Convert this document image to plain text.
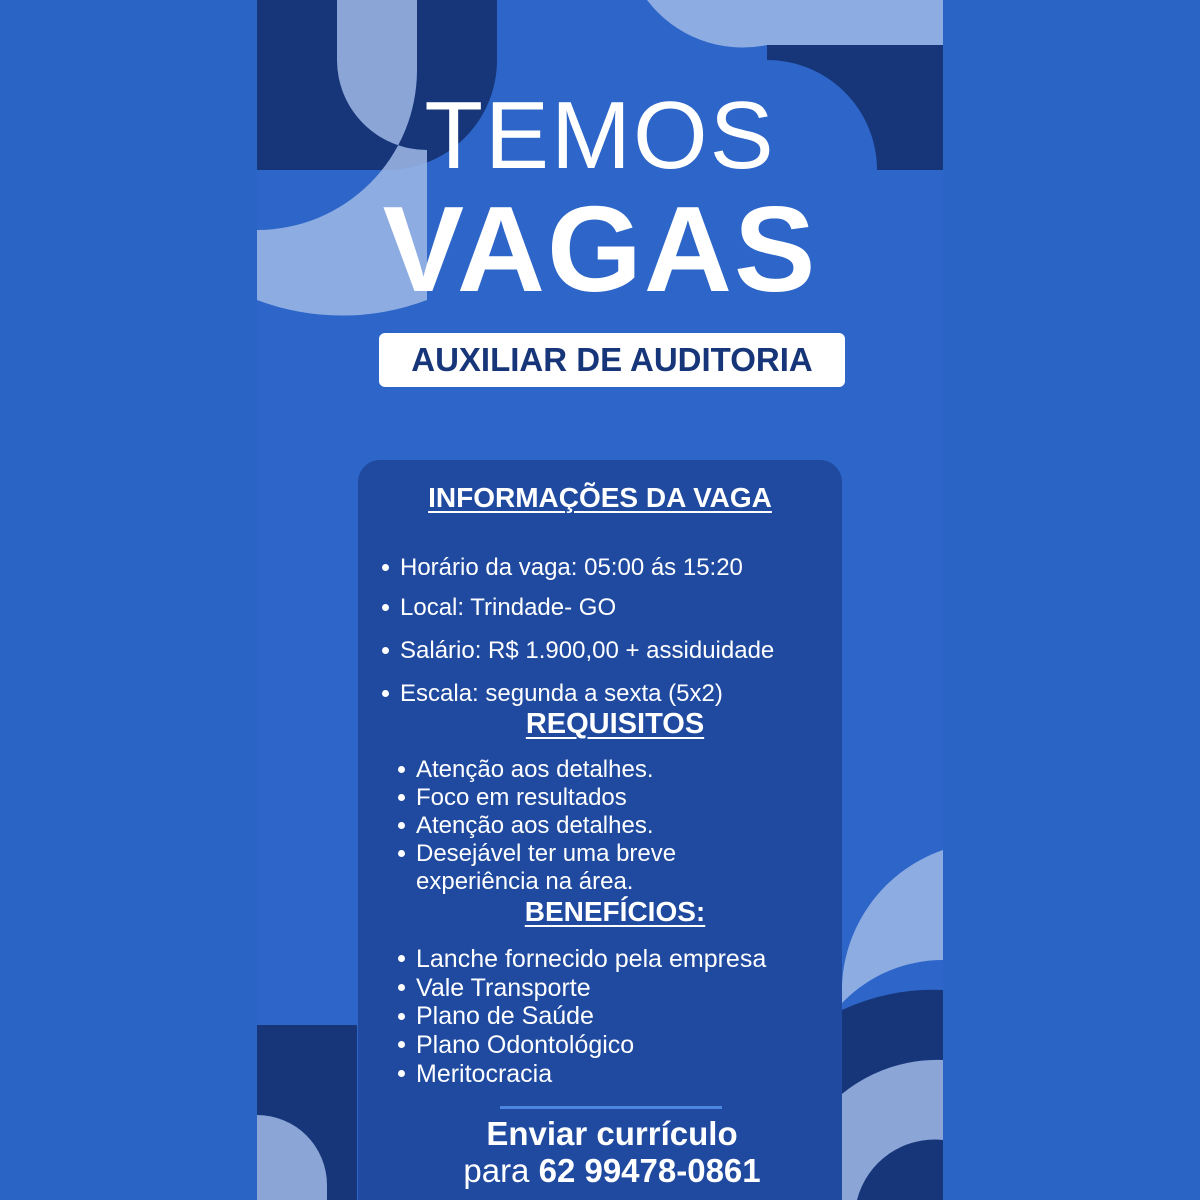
TEMOS
VAGAS
AUXILIAR DE AUDITORIA
INFORMAÇÕES DA VAGA
Horário da vaga: 05:00 ás 15:20
Local: Trindade- GO
Salário: R$ 1.900,00 + assiduidade
Escala: segunda a sexta (5x2)
REQUISITOS
Atenção aos detalhes.
Foco em resultados
Atenção aos detalhes.
Desejável ter uma breve experiência na área.
BENEFÍCIOS:
Lanche fornecido pela empresa
Vale Transporte
Plano de Saúde
Plano Odontológico
Meritocracia
Enviar currículo
para 62 99478-0861
